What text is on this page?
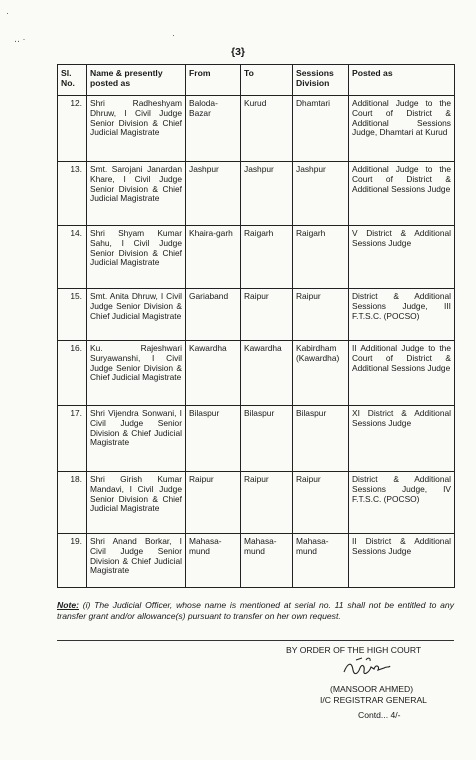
·
‥ ·	·
{3}
Sl. No.	Name & presently posted as	From	To	Sessions Division	Posted as
12.	Shri Radheshyam Dhruw, I Civil Judge Senior Division & Chief Judicial Magistrate	Baloda-Bazar	Kurud	Dhamtari	Additional Judge to the Court of District & Additional Sessions Judge, Dhamtari at Kurud
13.	Smt. Sarojani Janardan Khare, I Civil Judge Senior Division & Chief Judicial Magistrate	Jashpur	Jashpur	Jashpur	Additional Judge to the Court of District & Additional Sessions Judge
14.	Shri Shyam Kumar Sahu, I Civil Judge Senior Division & Chief Judicial Magistrate	Khaira-garh	Raigarh	Raigarh	V District & Additional Sessions Judge
15.	Smt. Anita Dhruw, I Civil Judge Senior Division & Chief Judicial Magistrate	Gariaband	Raipur	Raipur	District & Additional Sessions Judge, III F.T.S.C. (POCSO)
16.	Ku. Rajeshwari Suryawanshi, I Civil Judge Senior Division & Chief Judicial Magistrate	Kawardha	Kawardha	Kabirdham (Kawardha)	II Additional Judge to the Court of District & Additional Sessions Judge
17.	Shri Vijendra Sonwani, I Civil Judge Senior Division & Chief Judicial Magistrate	Bilaspur	Bilaspur	Bilaspur	XI District & Additional Sessions Judge
18.	Shri Girish Kumar Mandavi, I Civil Judge Senior Division & Chief Judicial Magistrate	Raipur	Raipur	Raipur	District & Additional Sessions Judge, IV F.T.S.C. (POCSO)
19.	Shri Anand Borkar, I Civil Judge Senior Division & Chief Judicial Magistrate	Mahasa-mund	Mahasa-mund	Mahasa-mund	II District & Additional Sessions Judge
Note: (i) The Judicial Officer, whose name is mentioned at serial no. 11 shall not be entitled to any transfer grant and/or allowance(s) pursuant to transfer on her own request.
BY ORDER OF THE HIGH COURT
(MANSOOR AHMED)
I/C REGISTRAR GENERAL
Contd... 4/-
